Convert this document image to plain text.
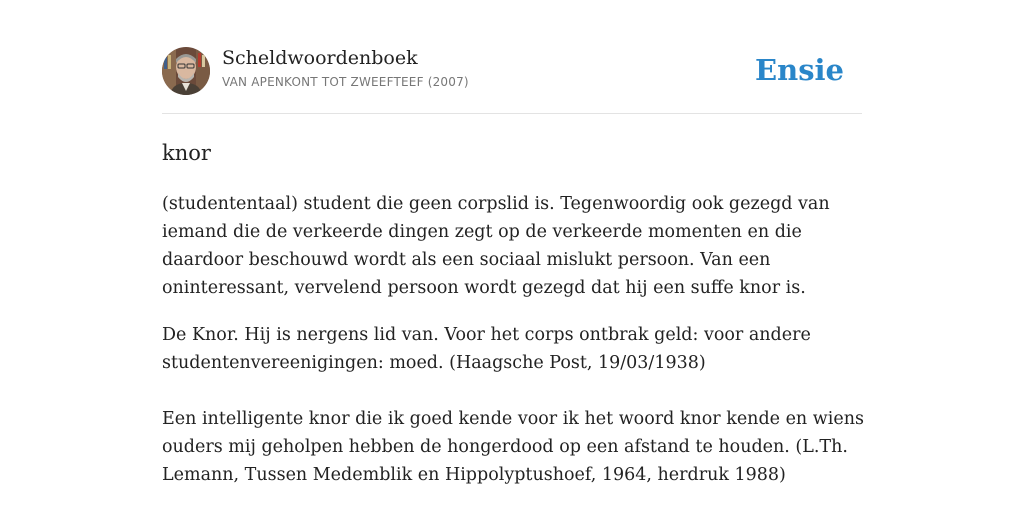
Scheldwoordenboek
VAN APENKONT TOT ZWEEFTEEF (2007)	Ensie
knor

(studententaal) student die geen corpslid is. Tegenwoordig ook gezegd van iemand die de verkeerde dingen zegt op de verkeerde momenten en die daardoor beschouwd wordt als een sociaal mislukt persoon. Van een oninteressant, vervelend persoon wordt gezegd dat hij een suffe knor is.

De Knor. Hij is nergens lid van. Voor het corps ontbrak geld: voor andere studentenvereenigingen: moed. (Haagsche Post, 19/03/1938)

Een intelligente knor die ik goed kende voor ik het woord knor kende en wiens ouders mij geholpen hebben de hongerdood op een afstand te houden. (L.Th. Lemann, Tussen Medemblik en Hippolyptushoef, 1964, herdruk 1988)
